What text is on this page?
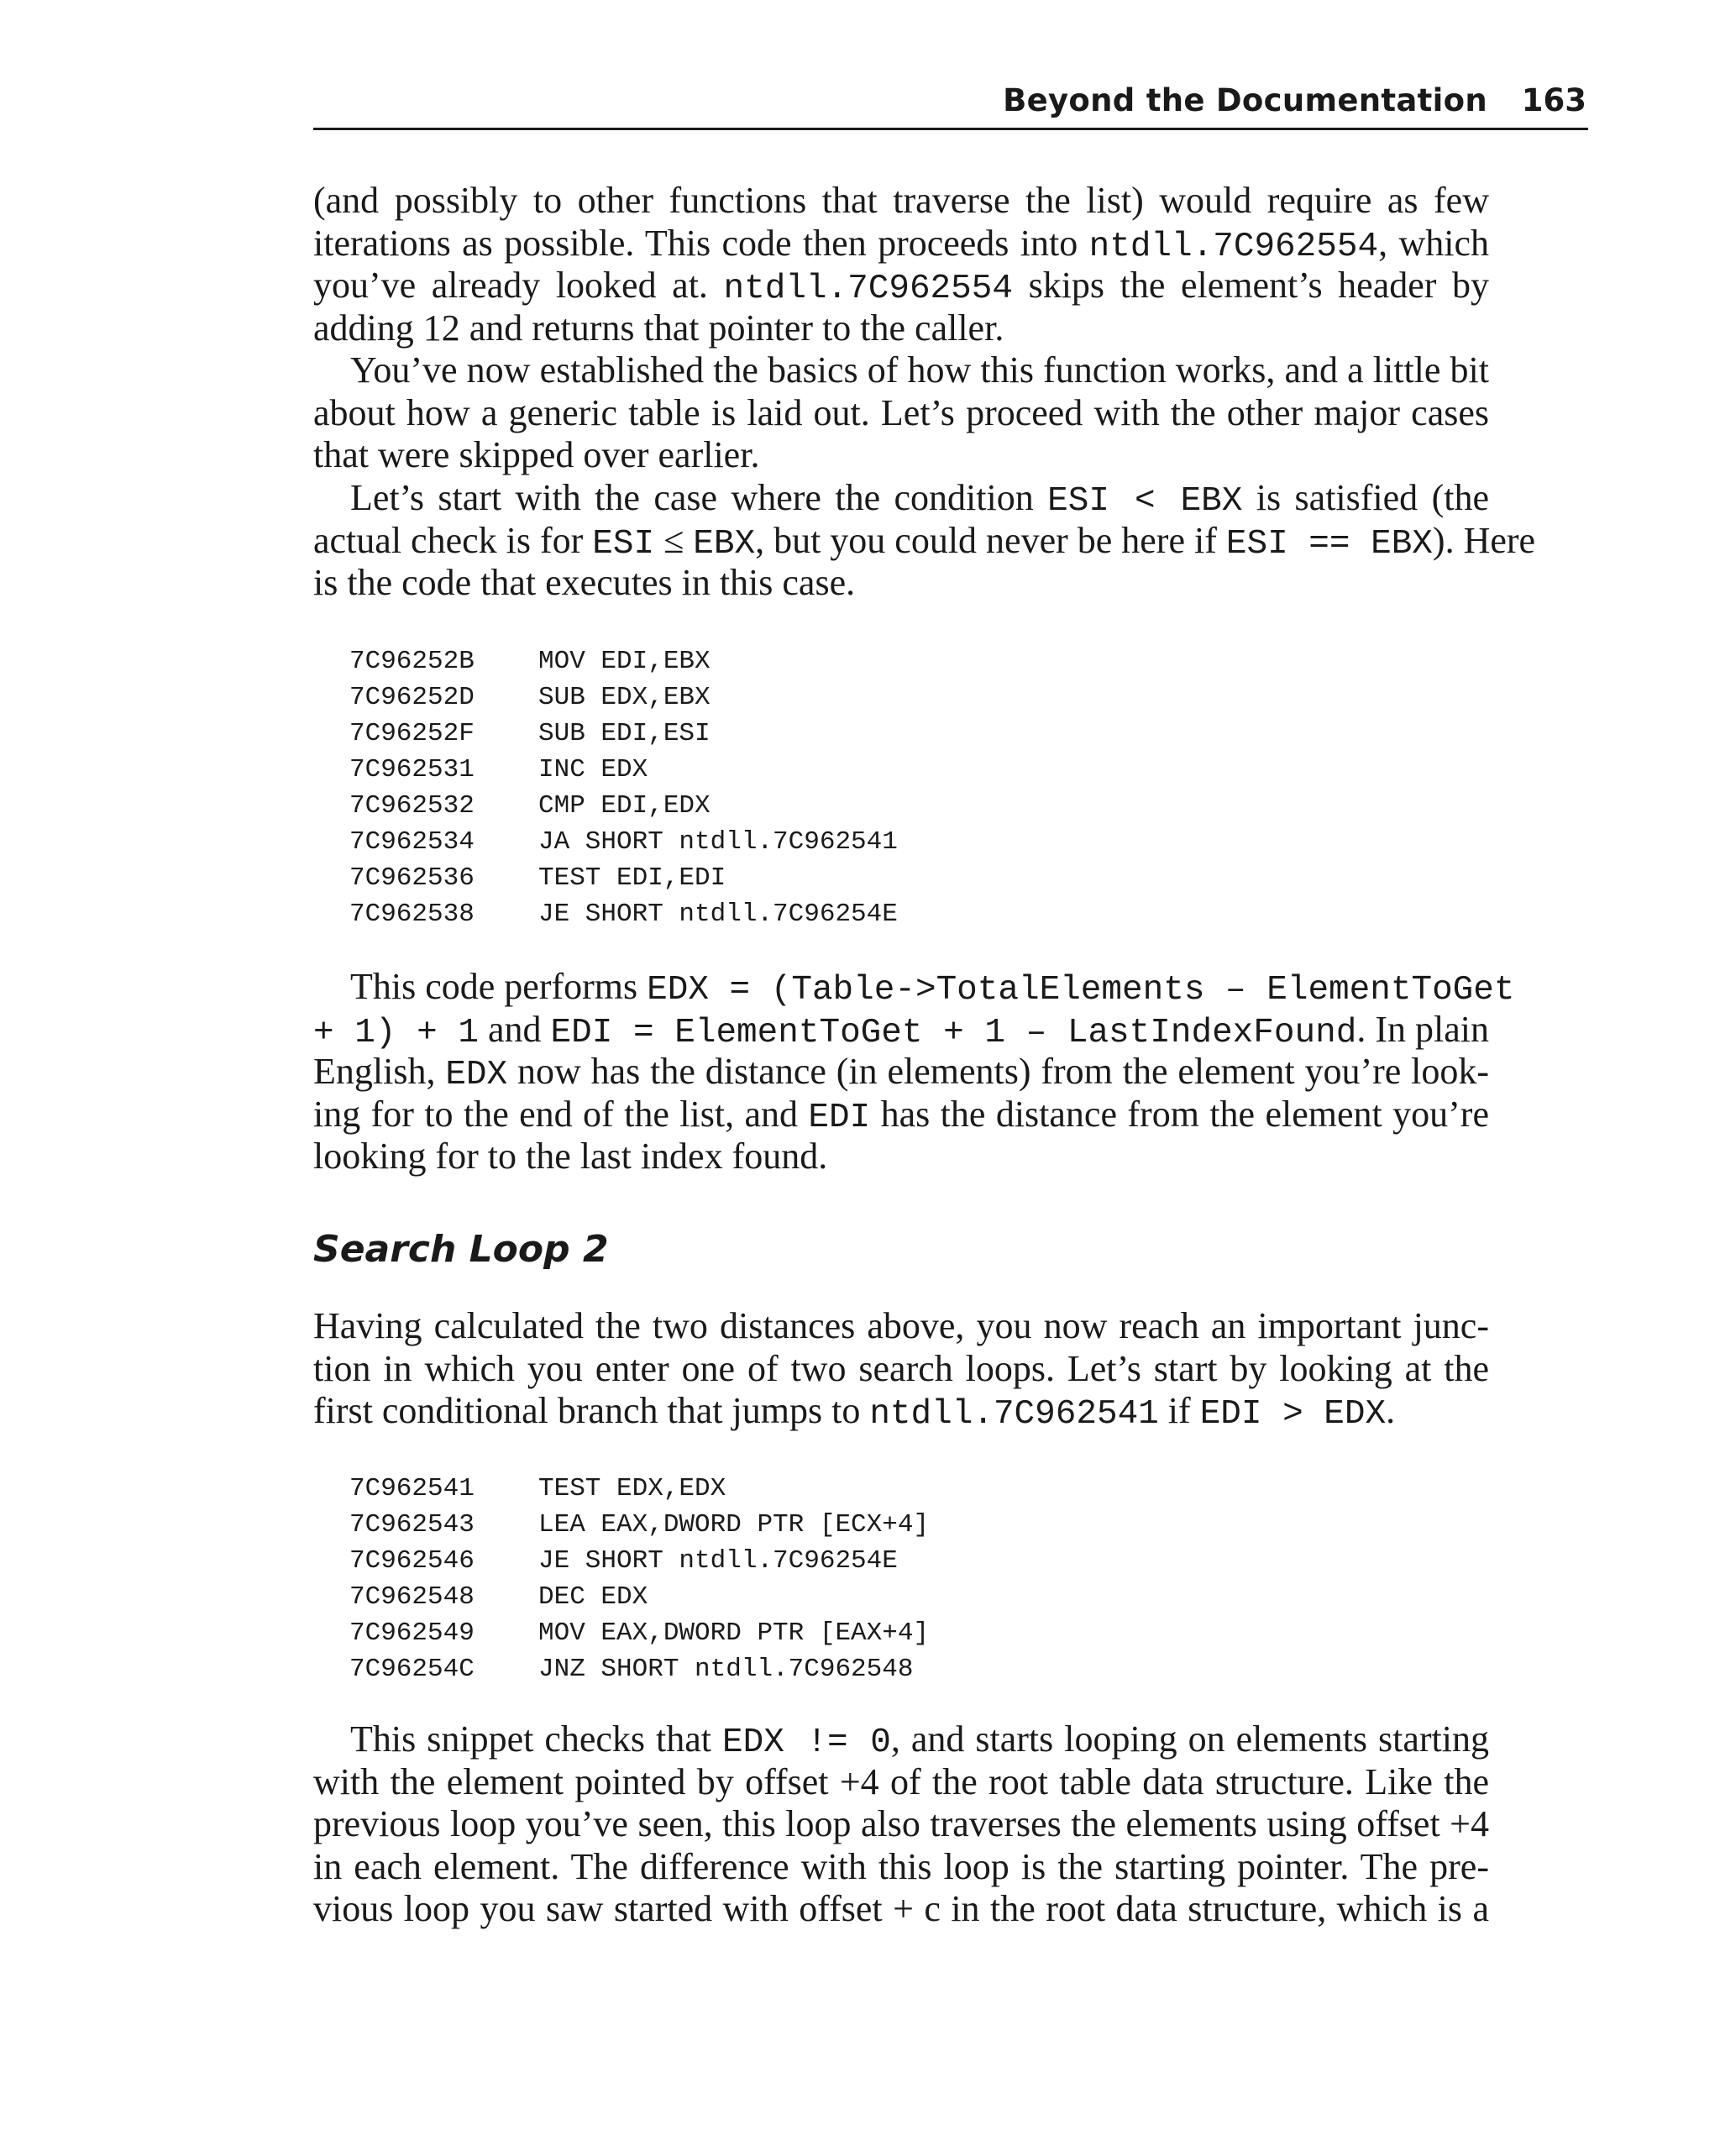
Beyond the Documentation 163
(and possibly to other functions that traverse the list) would require as few
iterations as possible. This code then proceeds into ntdll.7C962554, which
you’ve already looked at. ntdll.7C962554 skips the element’s header by
adding 12 and returns that pointer to the caller.
You’ve now established the basics of how this function works, and a little bit
about how a generic table is laid out. Let’s proceed with the other major cases
that were skipped over earlier.
Let’s start with the case where the condition ESI < EBX is satisfied (the
actual check is for ESI ≤ EBX, but you could never be here if ESI == EBX). Here
is the code that executes in this case.
7C96252B MOV EDI,EBX
7C96252D SUB EDX,EBX
7C96252F SUB EDI,ESI
7C962531 INC EDX
7C962532 CMP EDI,EDX
7C962534 JA SHORT ntdll.7C962541
7C962536 TEST EDI,EDI
7C962538 JE SHORT ntdll.7C96254E
This code performs EDX = (Table->TotalElements – ElementToGet
+ 1) + 1 and EDI = ElementToGet + 1 – LastIndexFound. In plain
English, EDX now has the distance (in elements) from the element you’re look-
ing for to the end of the list, and EDI has the distance from the element you’re
looking for to the last index found.
Search Loop 2
Having calculated the two distances above, you now reach an important junc-
tion in which you enter one of two search loops. Let’s start by looking at the
first conditional branch that jumps to ntdll.7C962541 if EDI > EDX.
7C962541 TEST EDX,EDX
7C962543 LEA EAX,DWORD PTR [ECX+4]
7C962546 JE SHORT ntdll.7C96254E
7C962548 DEC EDX
7C962549 MOV EAX,DWORD PTR [EAX+4]
7C96254C JNZ SHORT ntdll.7C962548
This snippet checks that EDX != 0, and starts looping on elements starting
with the element pointed by offset +4 of the root table data structure. Like the
previous loop you’ve seen, this loop also traverses the elements using offset +4
in each element. The difference with this loop is the starting pointer. The pre-
vious loop you saw started with offset + c in the root data structure, which is a
